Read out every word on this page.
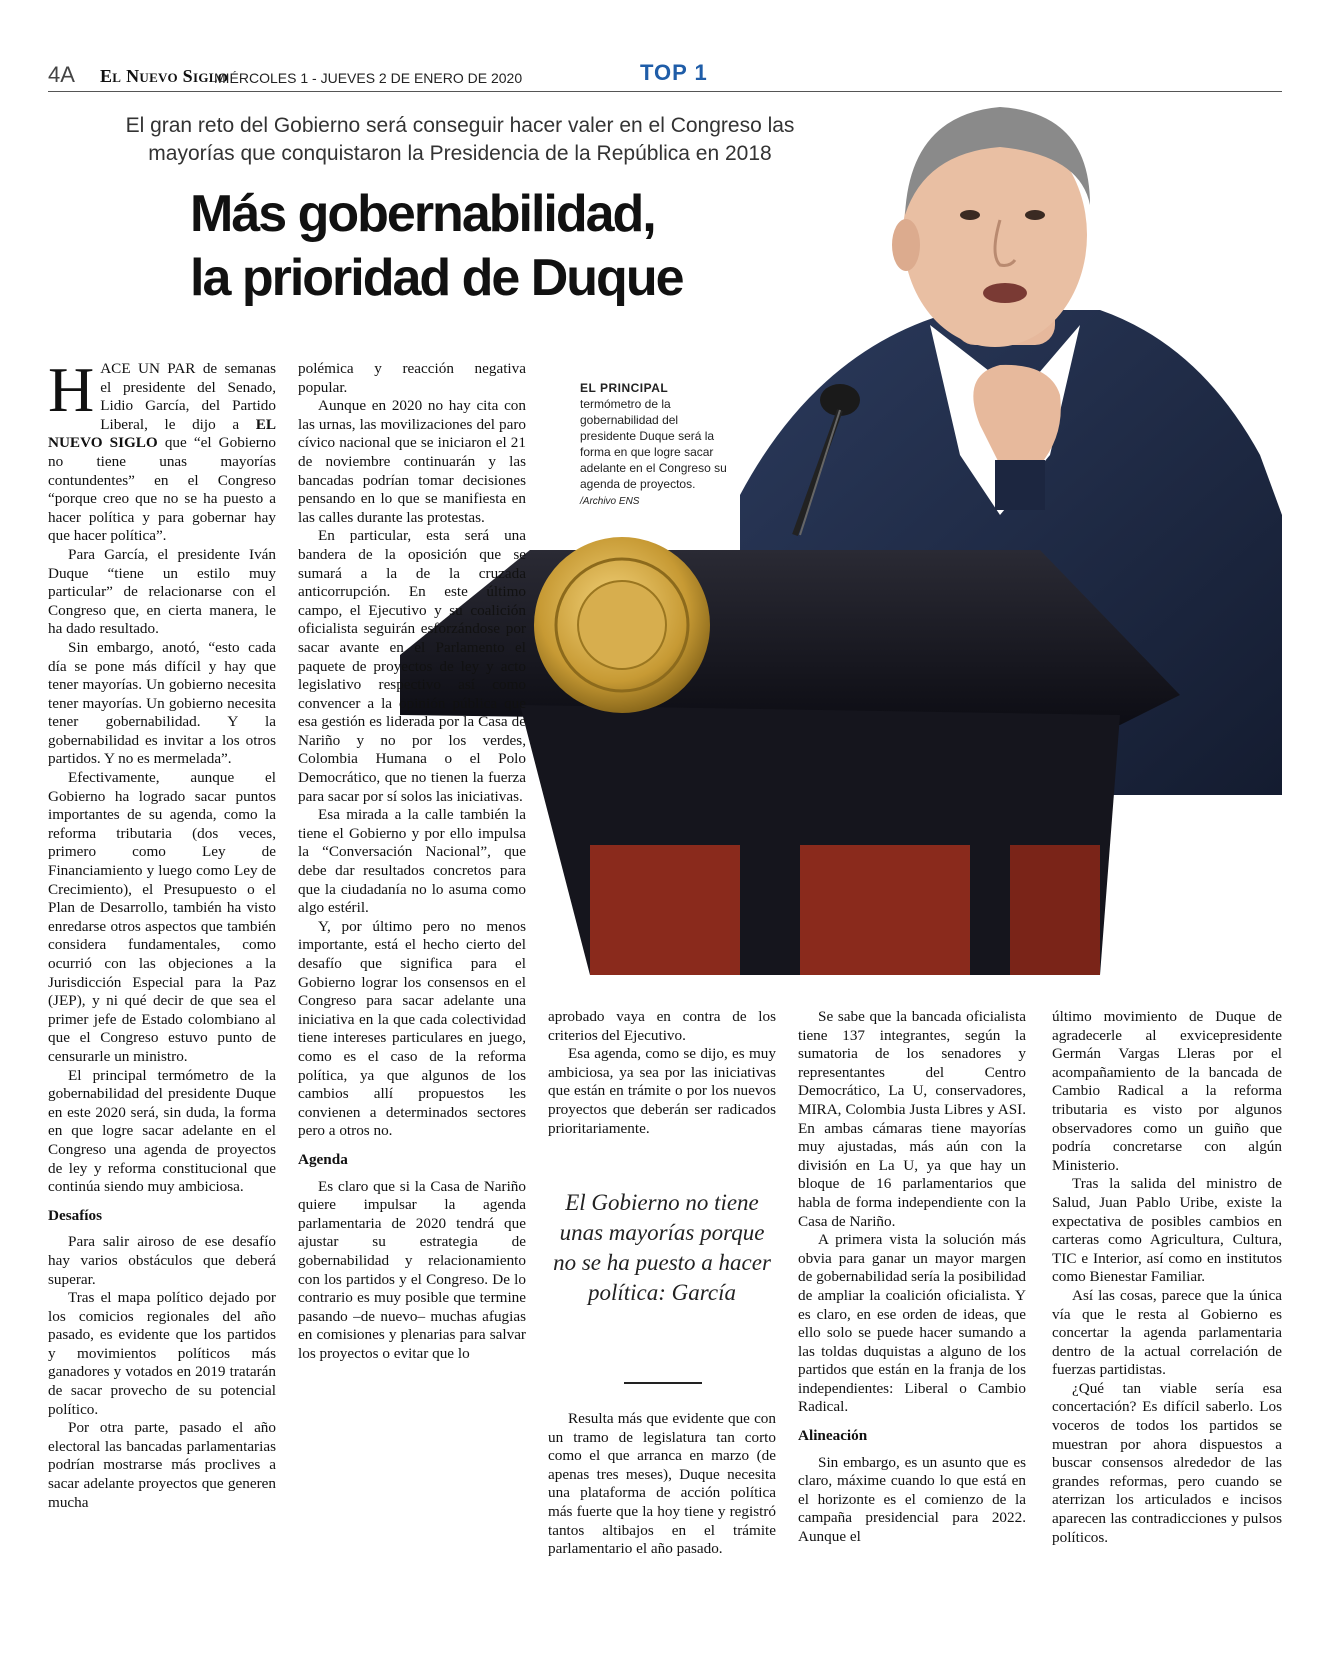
4A El Nuevo Siglo
MIÉRCOLES 1 - JUEVES 2 DE ENERO DE 2020	TOP 1
El gran reto del Gobierno será conseguir hacer valer en el Congreso las mayorías que conquistaron la Presidencia de la República en 2018
Más gobernabilidad,
la prioridad de Duque
EL PRINCIPAL
termómetro de la gobernabilidad del presidente Duque será la forma en que logre sacar adelante en el Congreso su agenda de proyectos. /Archivo ENS

HACE UN PAR de semanas el presidente del Senado, Lidio García, del Partido Liberal, le dijo a EL NUEVO SIGLO que “el Gobierno no tiene unas mayorías contundentes” en el Congreso “porque creo que no se ha puesto a hacer política y para gobernar hay que hacer política”.

Para García, el presidente Iván Duque “tiene un estilo muy particular” de relacionarse con el Congreso que, en cierta manera, le ha dado resultado.

Sin embargo, anotó, “esto cada día se pone más difícil y hay que tener mayorías. Un gobierno necesita tener mayorías. Un gobierno necesita tener gobernabilidad. Y la gobernabilidad es invitar a los otros partidos. Y no es mermelada”.

Efectivamente, aunque el Gobierno ha logrado sacar puntos importantes de su agenda, como la reforma tributaria (dos veces, primero como Ley de Financiamiento y luego como Ley de Crecimiento), el Presupuesto o el Plan de Desarrollo, también ha visto enredarse otros aspectos que también considera fundamentales, como ocurrió con las objeciones a la Jurisdicción Especial para la Paz (JEP), y ni qué decir de que sea el primer jefe de Estado colombiano al que el Congreso estuvo punto de censurarle un ministro.

El principal termómetro de la gobernabilidad del presidente Duque en este 2020 será, sin duda, la forma en que logre sacar adelante en el Congreso una agenda de proyectos de ley y reforma constitucional que continúa siendo muy ambiciosa.

Desafíos

Para salir airoso de ese desafío hay varios obstáculos que deberá superar.

Tras el mapa político dejado por los comicios regionales del año pasado, es evidente que los partidos y movimientos políticos más ganadores y votados en 2019 tratarán de sacar provecho de su potencial político.

Por otra parte, pasado el año electoral las bancadas parlamentarias podrían mostrarse más proclives a sacar adelante proyectos que generen mucha

polémica y reacción negativa popular.

Aunque en 2020 no hay cita con las urnas, las movilizaciones del paro cívico nacional que se iniciaron el 21 de noviembre continuarán y las bancadas podrían tomar decisiones pensando en lo que se manifiesta en las calles durante las protestas.

En particular, esta será una bandera de la oposición que se sumará a la de la cruzada anticorrupción. En este último campo, el Ejecutivo y su coalición oficialista seguirán esforzándose por sacar avante en el Parlamento el paquete de proyectos de ley y acto legislativo respectivo así como convencer a la opinión pública que esa gestión es liderada por la Casa de Nariño y no por los verdes, Colombia Humana o el Polo Democrático, que no tienen la fuerza para sacar por sí solos las iniciativas.

Esa mirada a la calle también la tiene el Gobierno y por ello impulsa la “Conversación Nacional”, que debe dar resultados concretos para que la ciudadanía no lo asuma como algo estéril.

Y, por último pero no menos importante, está el hecho cierto del desafío que significa para el Gobierno lograr los consensos en el Congreso para sacar adelante una iniciativa en la que cada colectividad tiene intereses particulares en juego, como es el caso de la reforma política, ya que algunos de los cambios allí propuestos les convienen a determinados sectores pero a otros no.

Agenda

Es claro que si la Casa de Nariño quiere impulsar la agenda parlamentaria de 2020 tendrá que ajustar su estrategia de gobernabilidad y relacionamiento con los partidos y el Congreso. De lo contrario es muy posible que termine pasando –de nuevo– muchas afugias en comisiones y plenarias para salvar los proyectos o evitar que lo

aprobado vaya en contra de los criterios del Ejecutivo.

Esa agenda, como se dijo, es muy ambiciosa, ya sea por las iniciativas que están en trámite o por los nuevos proyectos que deberán ser radicados prioritariamente.

El Gobierno no tiene unas mayorías porque no se ha puesto a hacer política: García

Resulta más que evidente que con un tramo de legislatura tan corto como el que arranca en marzo (de apenas tres meses), Duque necesita una plataforma de acción política más fuerte que la hoy tiene y registró tantos altibajos en el trámite parlamentario el año pasado.

Se sabe que la bancada oficialista tiene 137 integrantes, según la sumatoria de los senadores y representantes del Centro Democrático, La U, conservadores, MIRA, Colombia Justa Libres y ASI. En ambas cámaras tiene mayorías muy ajustadas, más aún con la división en La U, ya que hay un bloque de 16 parlamentarios que habla de forma independiente con la Casa de Nariño.

A primera vista la solución más obvia para ganar un mayor margen de gobernabilidad sería la posibilidad de ampliar la coalición oficialista. Y es claro, en ese orden de ideas, que ello solo se puede hacer sumando a las toldas duquistas a alguno de los partidos que están en la franja de los independientes: Liberal o Cambio Radical.

Alineación

Sin embargo, es un asunto que es claro, máxime cuando lo que está en el horizonte es el comienzo de la campaña presidencial para 2022. Aunque el

último movimiento de Duque de agradecerle al exvicepresidente Germán Vargas Lleras por el acompañamiento de la bancada de Cambio Radical a la reforma tributaria es visto por algunos observadores como un guiño que podría concretarse con algún Ministerio.

Tras la salida del ministro de Salud, Juan Pablo Uribe, existe la expectativa de posibles cambios en carteras como Agricultura, Cultura, TIC e Interior, así como en institutos como Bienestar Familiar.

Así las cosas, parece que la única vía que le resta al Gobierno es concertar la agenda parlamentaria dentro de la actual correlación de fuerzas partidistas.

¿Qué tan viable sería esa concertación? Es difícil saberlo. Los voceros de todos los partidos se muestran por ahora dispuestos a buscar consensos alrededor de las grandes reformas, pero cuando se aterrizan los articulados e incisos aparecen las contradicciones y pulsos políticos.
